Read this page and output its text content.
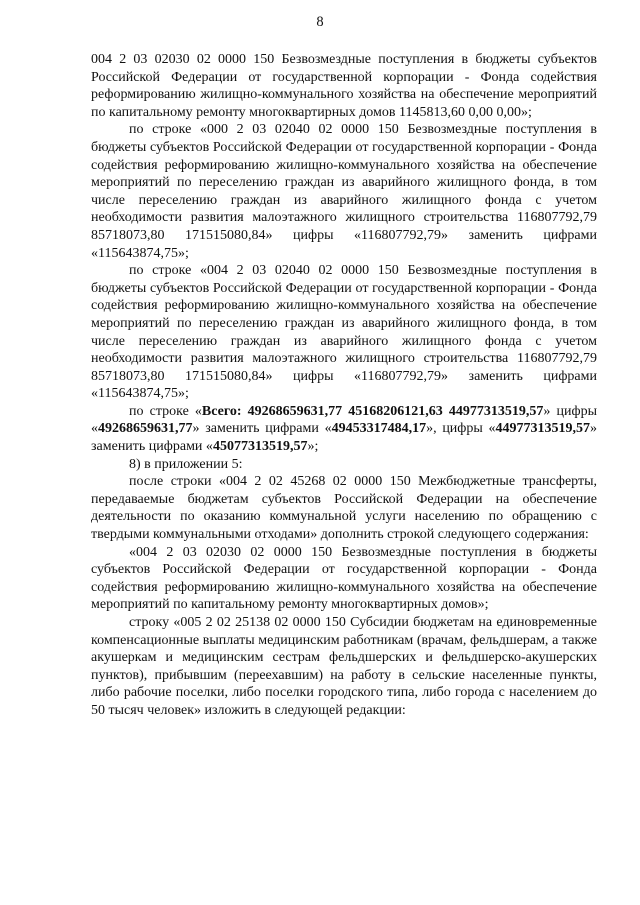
8

004 2 03 02030 02 0000 150 Безвозмездные поступления в бюджеты субъектов Российской Федерации от государственной корпорации - Фонда содействия реформированию жилищно-коммунального хозяйства на обеспечение мероприятий по капитальному ремонту многоквартирных домов 1145813,60 0,00 0,00»;

по строке «000 2 03 02040 02 0000 150 Безвозмездные поступления в бюджеты субъектов Российской Федерации от государственной корпорации - Фонда содействия реформированию жилищно-коммунального хозяйства на обеспечение мероприятий по переселению граждан из аварийного жилищного фонда, в том числе переселению граждан из аварийного жилищного фонда с учетом необходимости развития малоэтажного жилищного строительства 116807792,79 85718073,80 171515080,84» цифры «116807792,79» заменить цифрами «115643874,75»;

по строке «004 2 03 02040 02 0000 150 Безвозмездные поступления в бюджеты субъектов Российской Федерации от государственной корпорации - Фонда содействия реформированию жилищно-коммунального хозяйства на обеспечение мероприятий по переселению граждан из аварийного жилищного фонда, в том числе переселению граждан из аварийного жилищного фонда с учетом необходимости развития малоэтажного жилищного строительства 116807792,79 85718073,80 171515080,84» цифры «116807792,79» заменить цифрами «115643874,75»;

по строке «Всего: 49268659631,77 45168206121,63 44977313519,57» цифры «49268659631,77» заменить цифрами «49453317484,17», цифры «44977313519,57» заменить цифрами «45077313519,57»;

8) в приложении 5:

после строки «004 2 02 45268 02 0000 150 Межбюджетные трансферты, передаваемые бюджетам субъектов Российской Федерации на обеспечение деятельности по оказанию коммунальной услуги населению по обращению с твердыми коммунальными отходами» дополнить строкой следующего содержания:

«004 2 03 02030 02 0000 150 Безвозмездные поступления в бюджеты субъектов Российской Федерации от государственной корпорации - Фонда содействия реформированию жилищно-коммунального хозяйства на обеспечение мероприятий по капитальному ремонту многоквартирных домов»;

строку «005 2 02 25138 02 0000 150 Субсидии бюджетам на единовременные компенсационные выплаты медицинским работникам (врачам, фельдшерам, а также акушеркам и медицинским сестрам фельдшерских и фельдшерско-акушерских пунктов), прибывшим (переехавшим) на работу в сельские населенные пункты, либо рабочие поселки, либо поселки городского типа, либо города с населением до 50 тысяч человек» изложить в следующей редакции:
